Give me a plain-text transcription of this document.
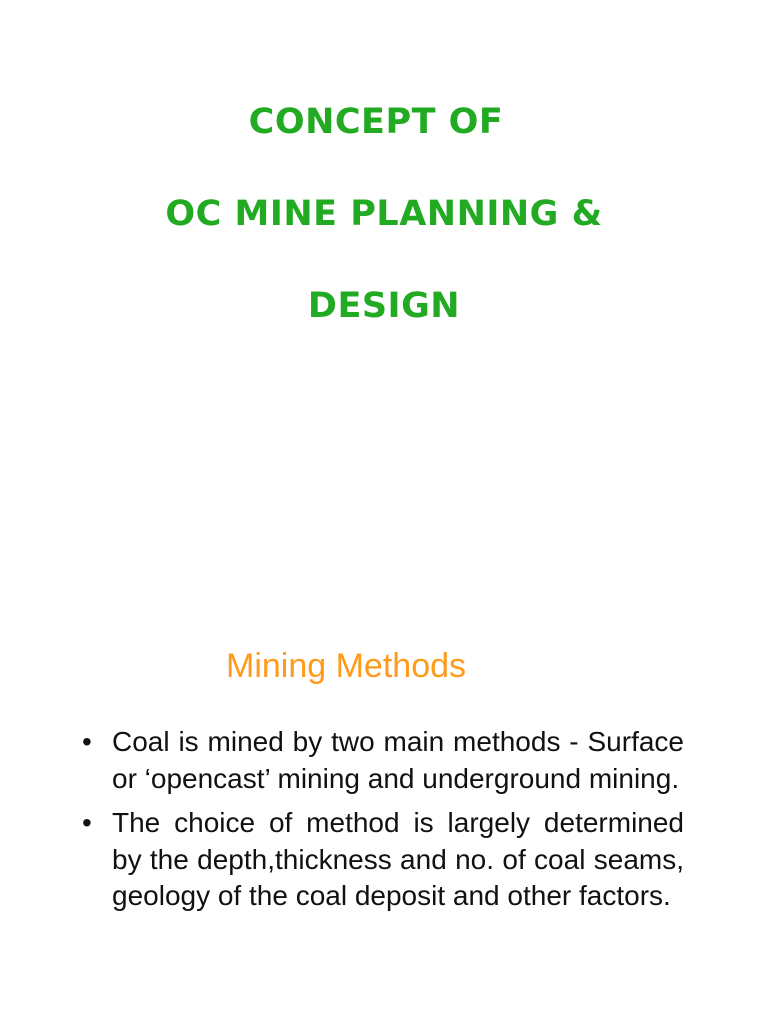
CONCEPT OF
OC MINE PLANNING &
DESIGN
Mining Methods
• Coal is mined by two main methods - Surface or ‘opencast’ mining and underground mining.
• The choice of method is largely determined by the depth,thickness and no. of coal seams, geology of the coal deposit and other factors.
